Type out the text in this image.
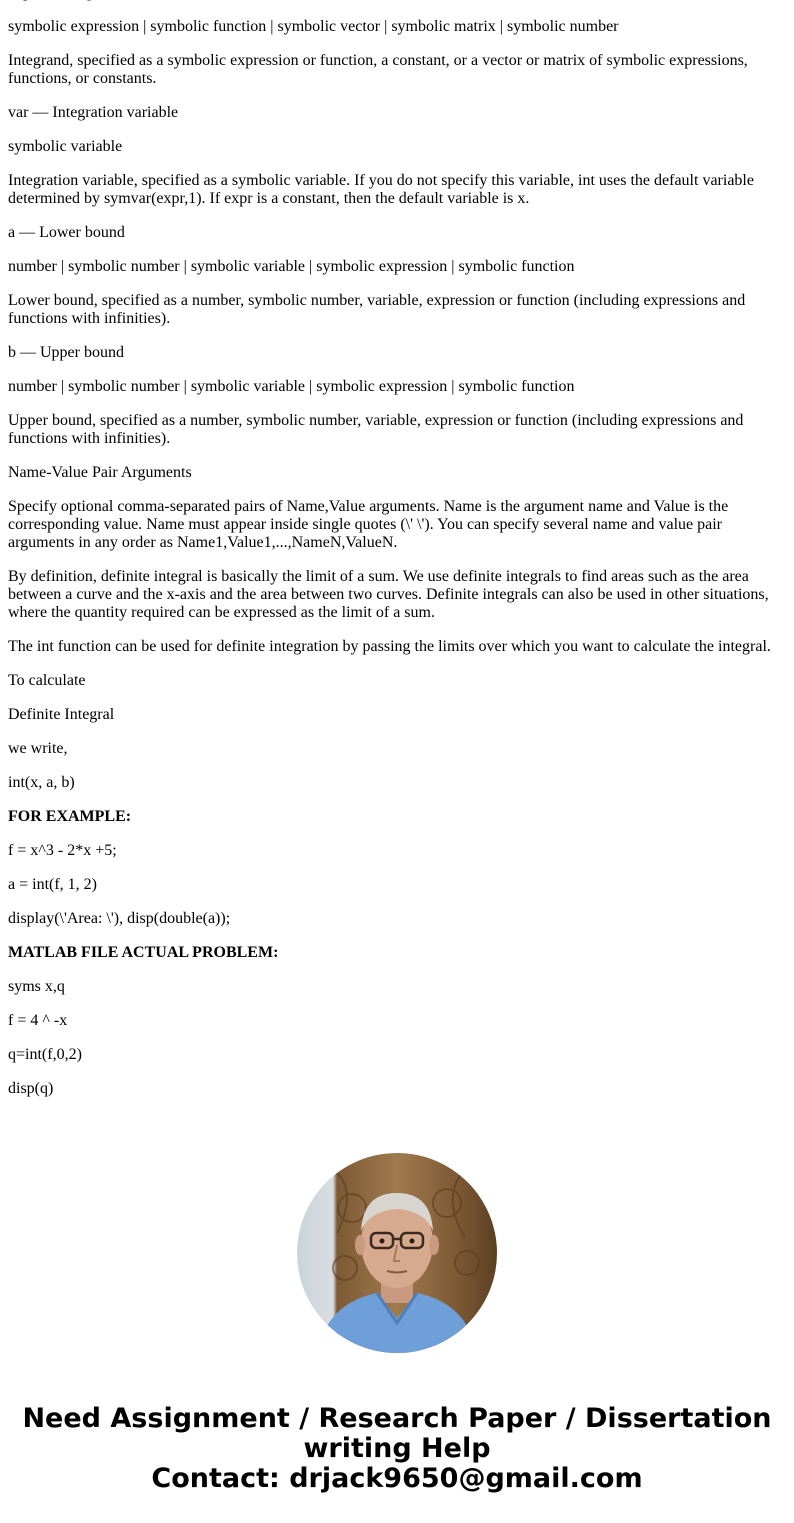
symbolic expression | symbolic function | symbolic vector | symbolic matrix | symbolic number

Integrand, specified as a symbolic expression or function, a constant, or a vector or matrix of symbolic expressions, functions, or constants.

var — Integration variable

symbolic variable

Integration variable, specified as a symbolic variable. If you do not specify this variable, int uses the default variable determined by symvar(expr,1). If expr is a constant, then the default variable is x.

a — Lower bound

number | symbolic number | symbolic variable | symbolic expression | symbolic function

Lower bound, specified as a number, symbolic number, variable, expression or function (including expressions and functions with infinities).

b — Upper bound

number | symbolic number | symbolic variable | symbolic expression | symbolic function

Upper bound, specified as a number, symbolic number, variable, expression or function (including expressions and functions with infinities).

Name-Value Pair Arguments

Specify optional comma-separated pairs of Name,Value arguments. Name is the argument name and Value is the corresponding value. Name must appear inside single quotes (\' \'). You can specify several name and value pair arguments in any order as Name1,Value1,...,NameN,ValueN.

By definition, definite integral is basically the limit of a sum. We use definite integrals to find areas such as the area between a curve and the x-axis and the area between two curves. Definite integrals can also be used in other situations, where the quantity required can be expressed as the limit of a sum.

The int function can be used for definite integration by passing the limits over which you want to calculate the integral.

To calculate

Definite Integral

we write,

int(x, a, b)

FOR EXAMPLE:

f = x^3 - 2*x +5;

a = int(f, 1, 2)

display(\'Area: \'), disp(double(a));

MATLAB FILE ACTUAL PROBLEM:

syms x,q

f = 4 ^ -x

q=int(f,0,2)

disp(q)

Need Assignment / Research Paper / Dissertation
writing Help
Contact: drjack9650@gmail.com
